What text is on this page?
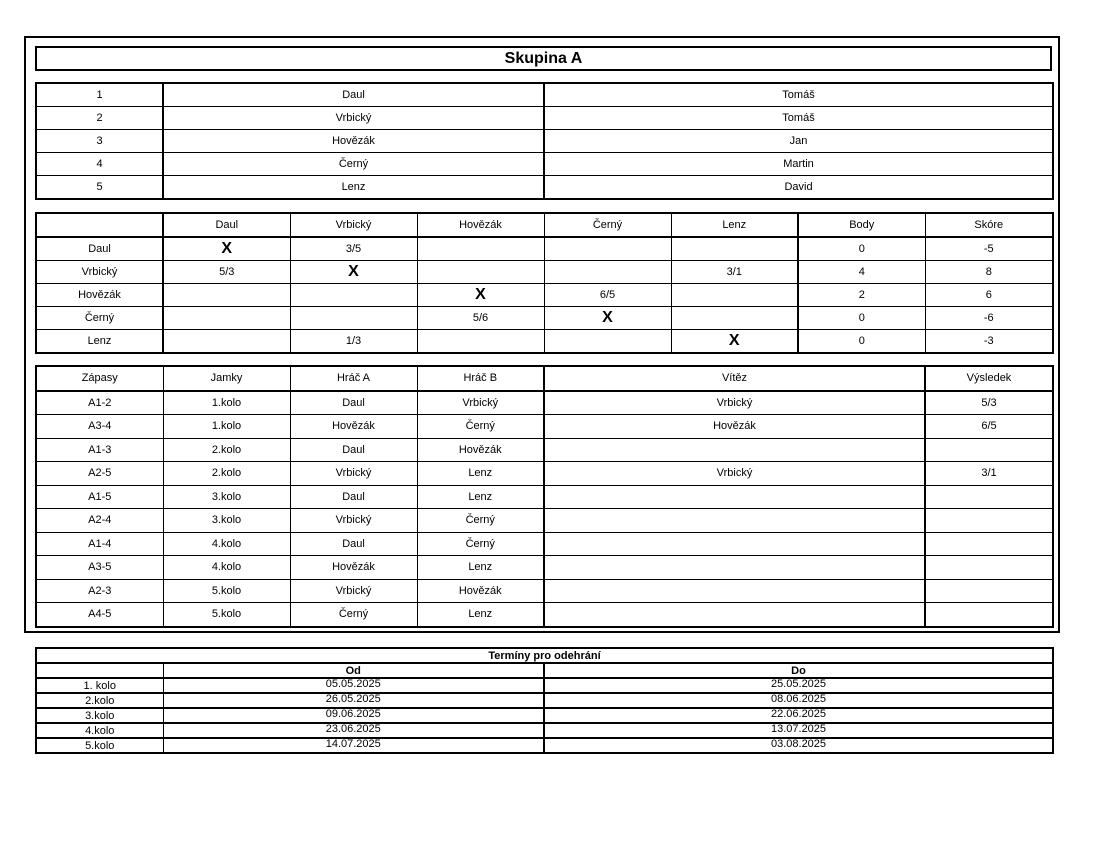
Skupina A
1	Daul	Tomáš
2	Vrbický	Tomáš
3	Hovězák	Jan
4	Černý	Martin
5	Lenz	David
	Daul	Vrbický	Hovězák	Černý	Lenz	Body	Skóre
Daul	X	3/5				0	-5
Vrbický	5/3	X			3/1	4	8
Hovězák			X	6/5		2	6
Černý			5/6	X		0	-6
Lenz		1/3			X	0	-3
Zápasy	Jamky	Hráč A	Hráč B	Vítěz	Výsledek
A1-2	1.kolo	Daul	Vrbický	Vrbický	5/3
A3-4	1.kolo	Hovězák	Černý	Hovězák	6/5
A1-3	2.kolo	Daul	Hovězák		
A2-5	2.kolo	Vrbický	Lenz	Vrbický	3/1
A1-5	3.kolo	Daul	Lenz		
A2-4	3.kolo	Vrbický	Černý		
A1-4	4.kolo	Daul	Černý		
A3-5	4.kolo	Hovězák	Lenz		
A2-3	5.kolo	Vrbický	Hovězák		
A4-5	5.kolo	Černý	Lenz		
Termíny pro odehrání		
	Od	Do
1. kolo	05.05.2025	25.05.2025
2.kolo	26.05.2025	08.06.2025
3.kolo	09.06.2025	22.06.2025
4.kolo	23.06.2025	13.07.2025
5.kolo	14.07.2025	03.08.2025
